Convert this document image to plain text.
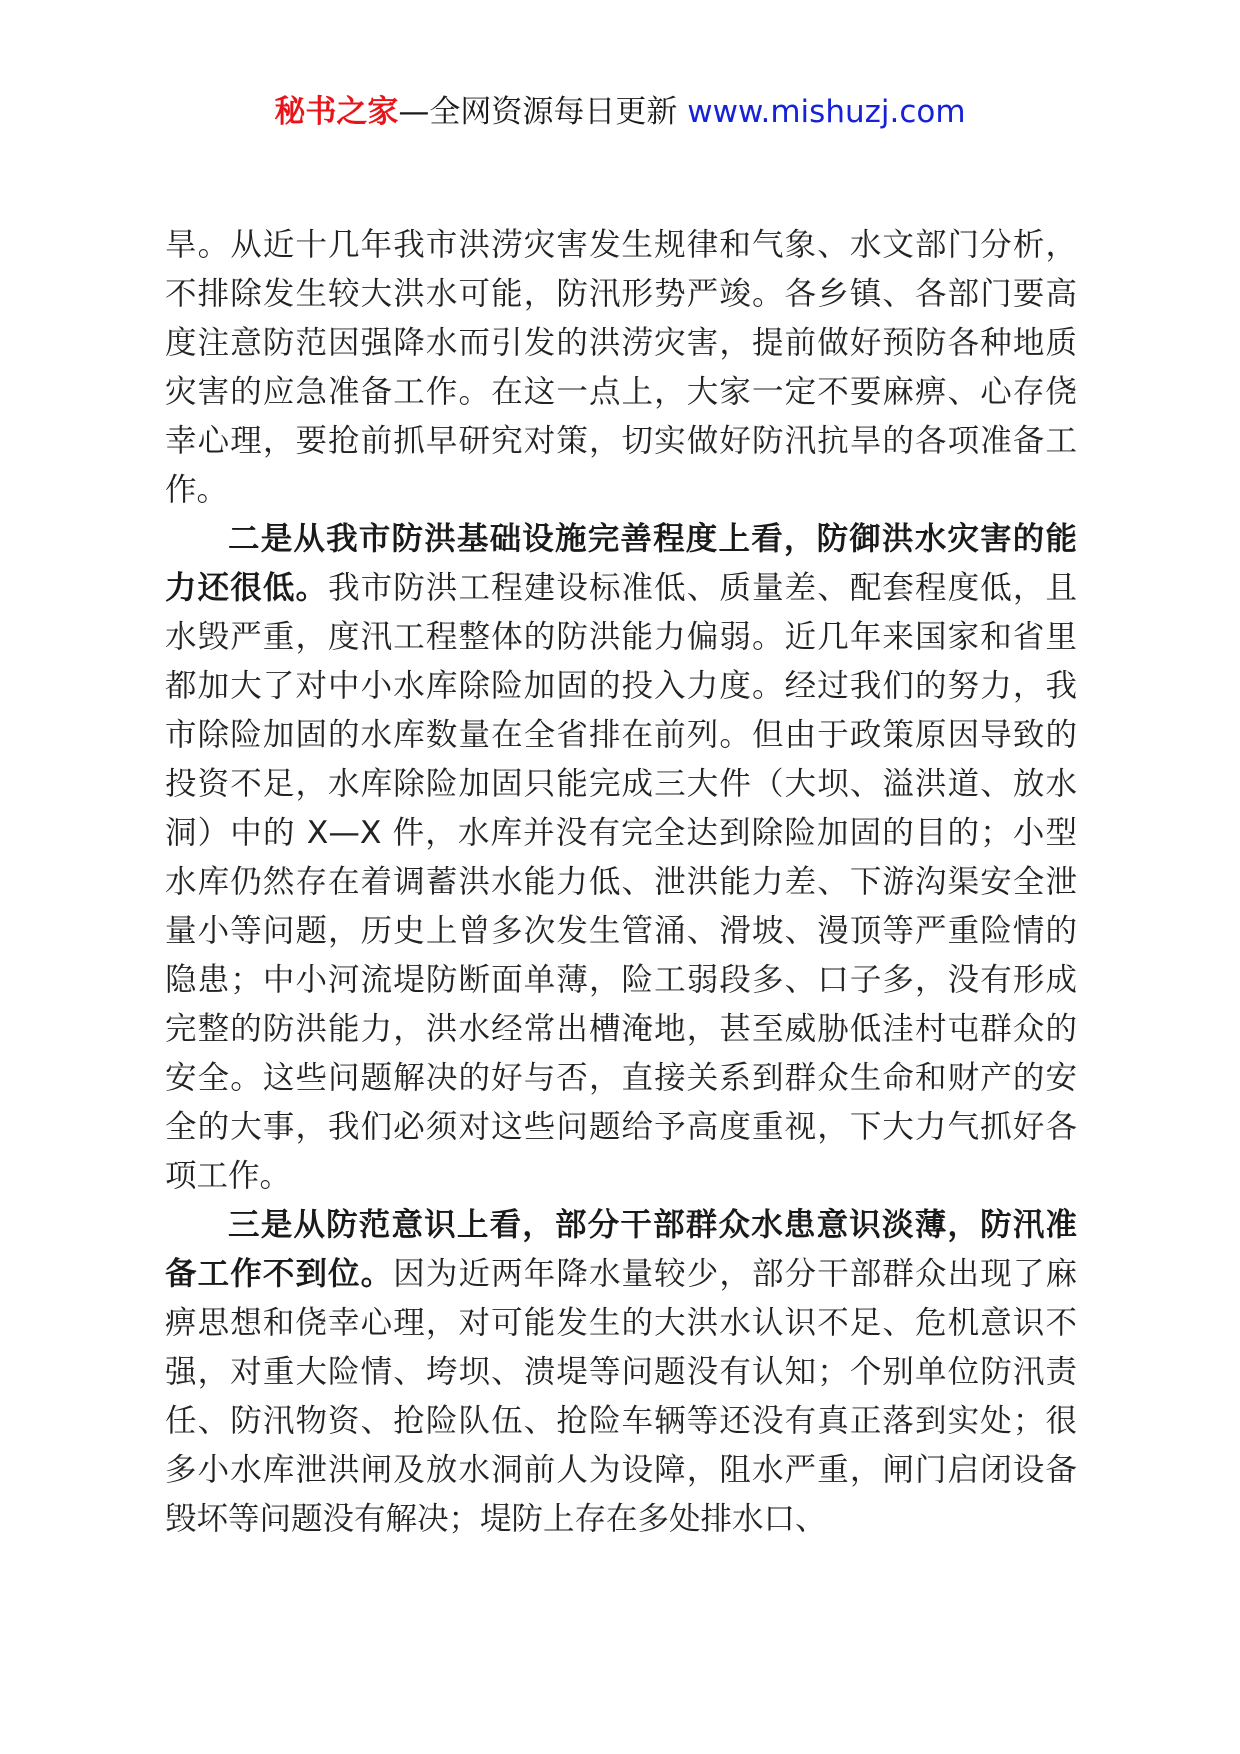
秘书之家—全网资源每日更新 www.mishuzj.com

旱。从近十几年我市洪涝灾害发生规律和气象、水文部门分析，不排除发生较大洪水可能，防汛形势严竣。各乡镇、各部门要高度注意防范因强降水而引发的洪涝灾害，提前做好预防各种地质灾害的应急准备工作。在这一点上，大家一定不要麻痹、心存侥幸心理，要抢前抓早研究对策，切实做好防汛抗旱的各项准备工作。

二是从我市防洪基础设施完善程度上看，防御洪水灾害的能力还很低。我市防洪工程建设标准低、质量差、配套程度低，且水毁严重，度汛工程整体的防洪能力偏弱。近几年来国家和省里都加大了对中小水库除险加固的投入力度。经过我们的努力，我市除险加固的水库数量在全省排在前列。但由于政策原因导致的投资不足，水库除险加固只能完成三大件（大坝、溢洪道、放水洞）中的 X—X 件，水库并没有完全达到除险加固的目的；小型水库仍然存在着调蓄洪水能力低、泄洪能力差、下游沟渠安全泄量小等问题，历史上曾多次发生管涌、滑坡、漫顶等严重险情的隐患；中小河流堤防断面单薄，险工弱段多、口子多，没有形成完整的防洪能力，洪水经常出槽淹地，甚至威胁低洼村屯群众的安全。这些问题解决的好与否，直接关系到群众生命和财产的安全的大事，我们必须对这些问题给予高度重视，下大力气抓好各项工作。

三是从防范意识上看，部分干部群众水患意识淡薄，防汛准备工作不到位。因为近两年降水量较少，部分干部群众出现了麻痹思想和侥幸心理，对可能发生的大洪水认识不足、危机意识不强，对重大险情、垮坝、溃堤等问题没有认知；个别单位防汛责任、防汛物资、抢险队伍、抢险车辆等还没有真正落到实处；很多小水库泄洪闸及放水洞前人为设障，阻水严重，闸门启闭设备毁坏等问题没有解决；堤防上存在多处排水口、
